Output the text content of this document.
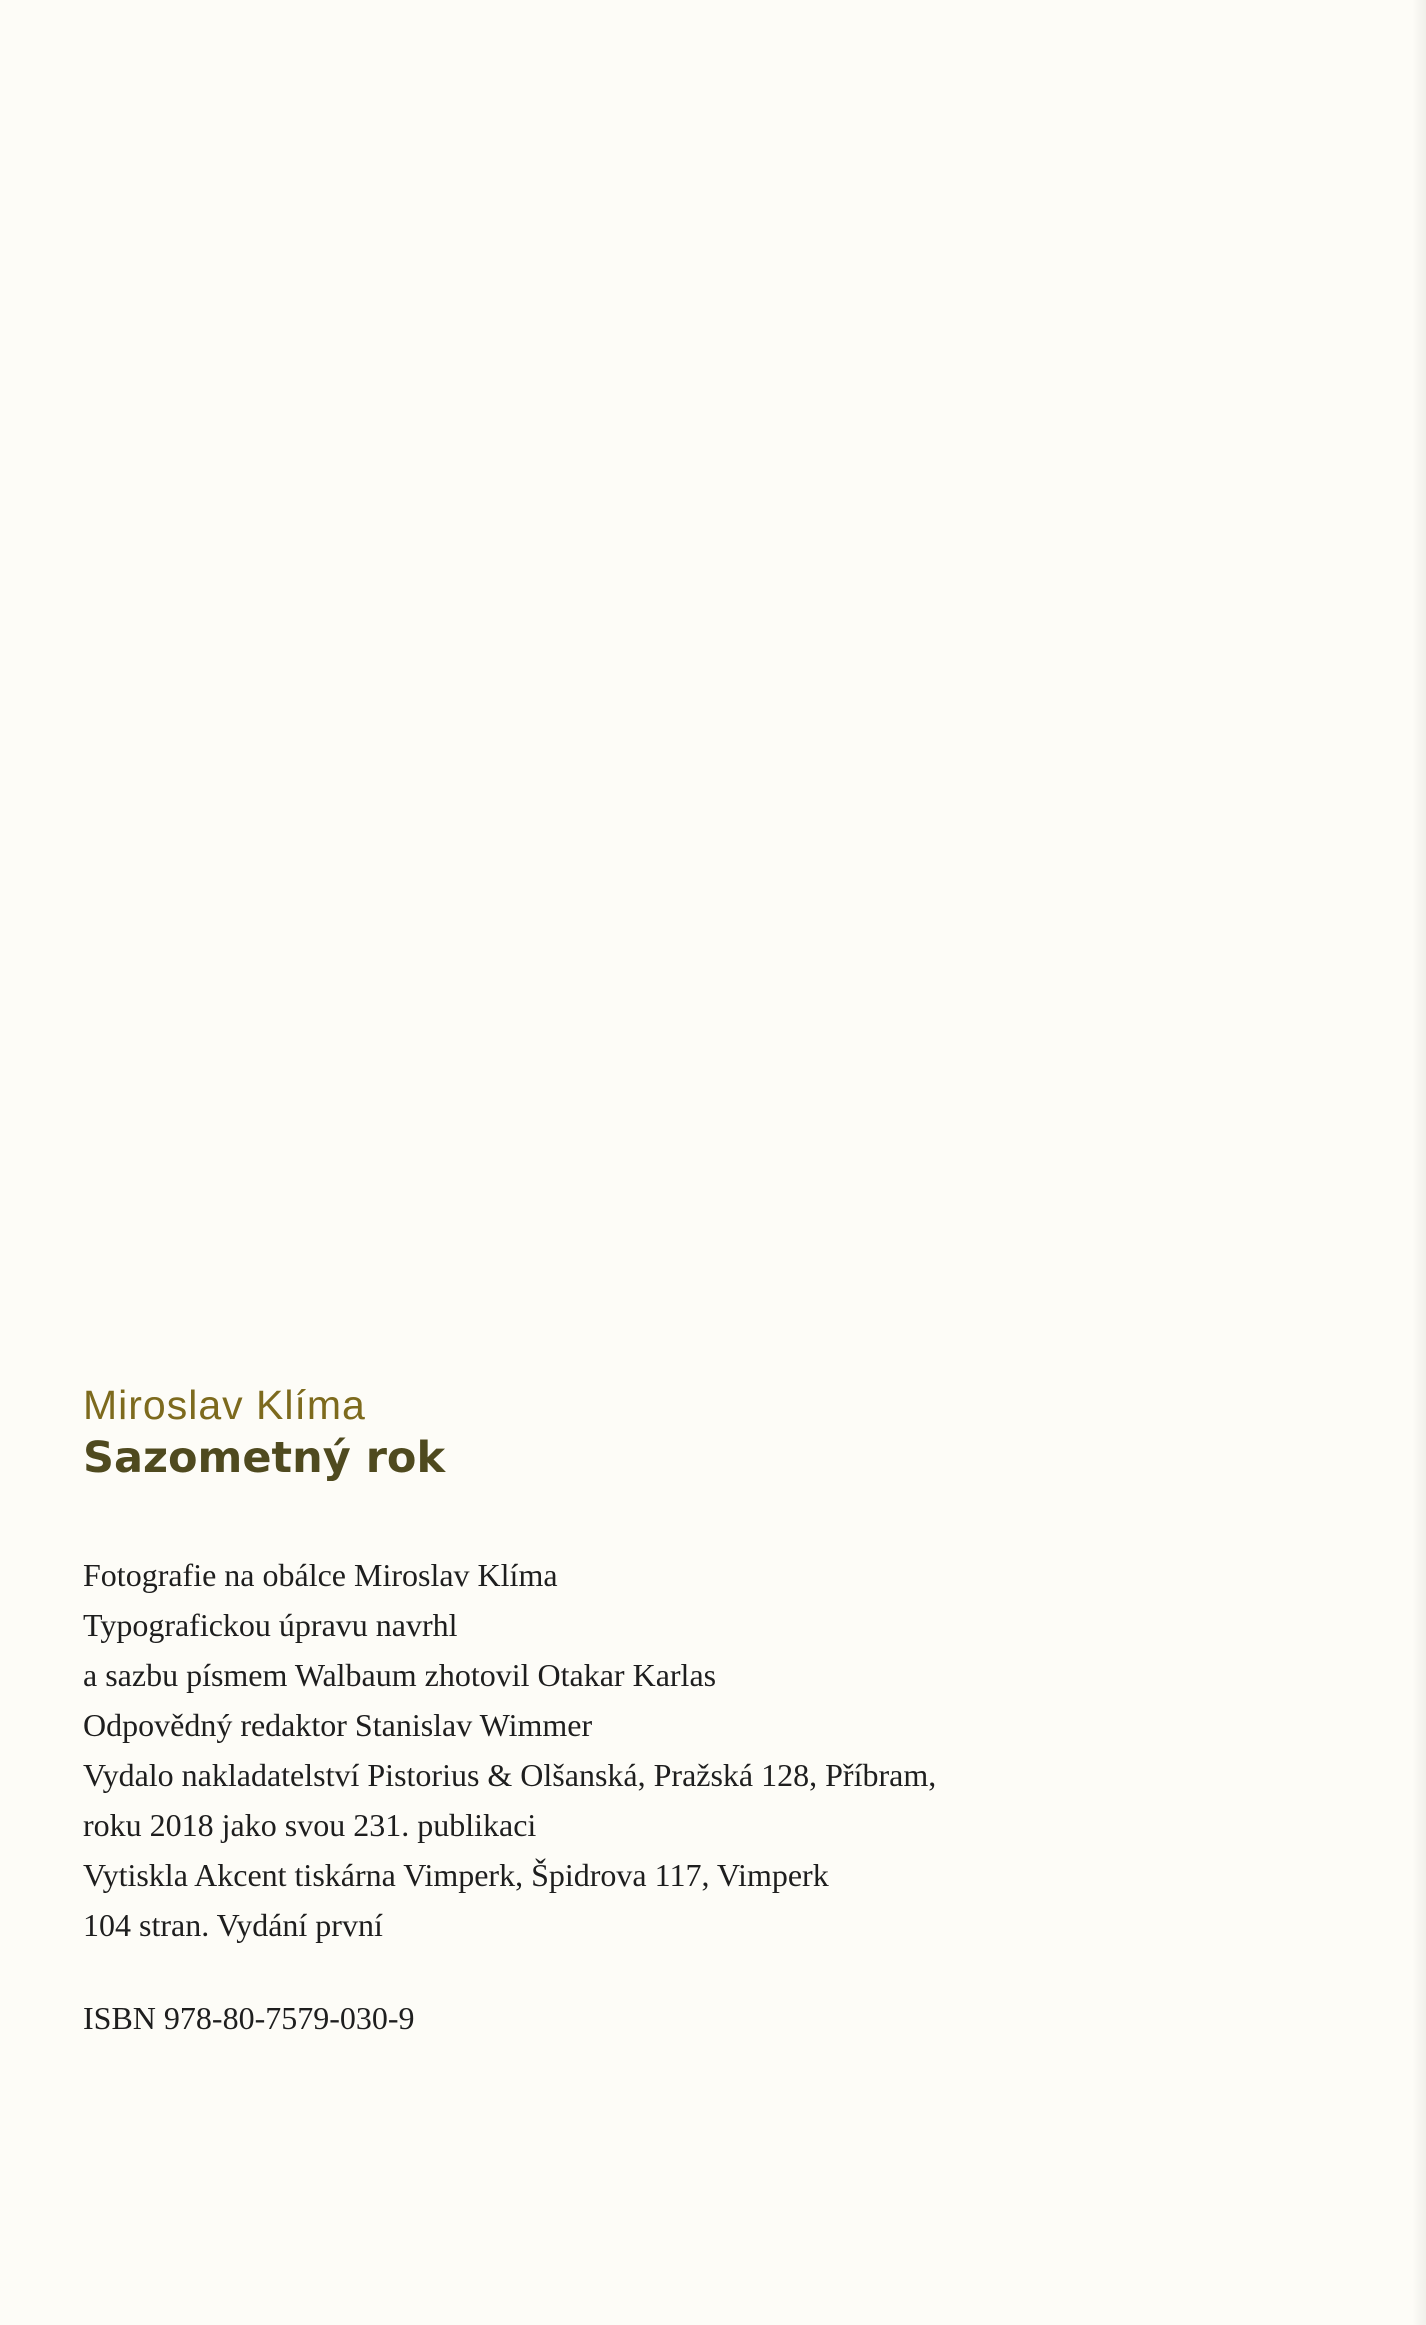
Miroslav Klíma

Sazometný rok

Fotografie na obálce Miroslav Klíma
Typografickou úpravu navrhl
a sazbu písmem Walbaum zhotovil Otakar Karlas
Odpovědný redaktor Stanislav Wimmer
Vydalo nakladatelství Pistorius & Olšanská, Pražská 128, Příbram,
roku 2018 jako svou 231. publikaci
Vytiskla Akcent tiskárna Vimperk, Špidrova 117, Vimperk
104 stran. Vydání první
ISBN 978-80-7579-030-9
